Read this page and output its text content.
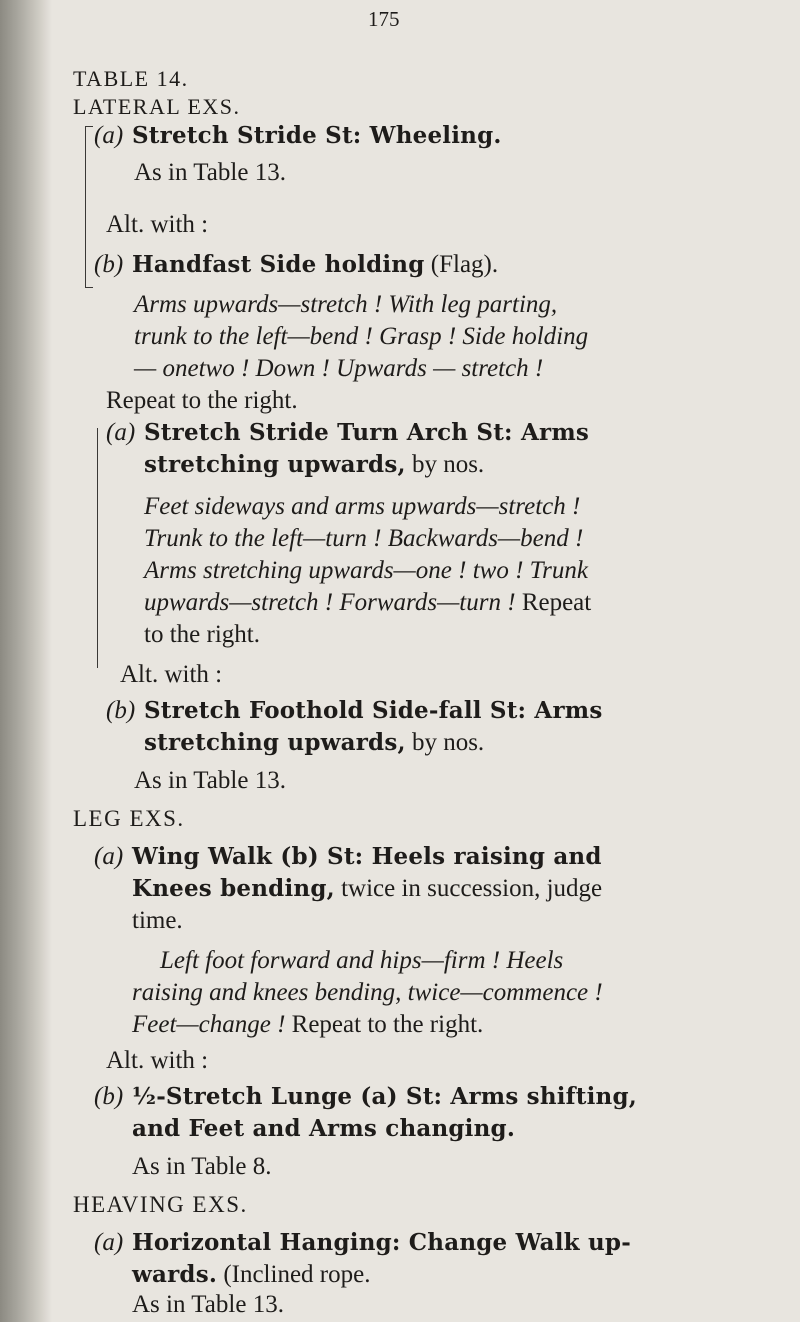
175
TABLE 14.
LATERAL EXS.
(a) Stretch Stride St: Wheeling.
As in Table 13.
Alt. with :
(b) Handfast Side holding (Flag).
Arms upwards—stretch ! With leg parting,
trunk to the left—bend ! Grasp ! Side holding
— onetwo ! Down ! Upwards — stretch !
Repeat to the right.
(a) Stretch Stride Turn Arch St: Arms
stretching upwards, by nos.
Feet sideways and arms upwards—stretch !
Trunk to the left—turn ! Backwards—bend !
Arms stretching upwards—one ! two ! Trunk
upwards—stretch ! Forwards—turn ! Repeat
to the right.
Alt. with :
(b) Stretch Foothold Side-fall St: Arms
stretching upwards, by nos.
As in Table 13.
LEG EXS.
(a) Wing Walk (b) St: Heels raising and
Knees bending, twice in succession, judge
time.
Left foot forward and hips—firm ! Heels
raising and knees bending, twice—commence !
Feet—change ! Repeat to the right.
Alt. with :
(b) ½-Stretch Lunge (a) St: Arms shifting,
and Feet and Arms changing.
As in Table 8.
HEAVING EXS.
(a) Horizontal Hanging: Change Walk up-
wards. (Inclined rope.
As in Table 13.
